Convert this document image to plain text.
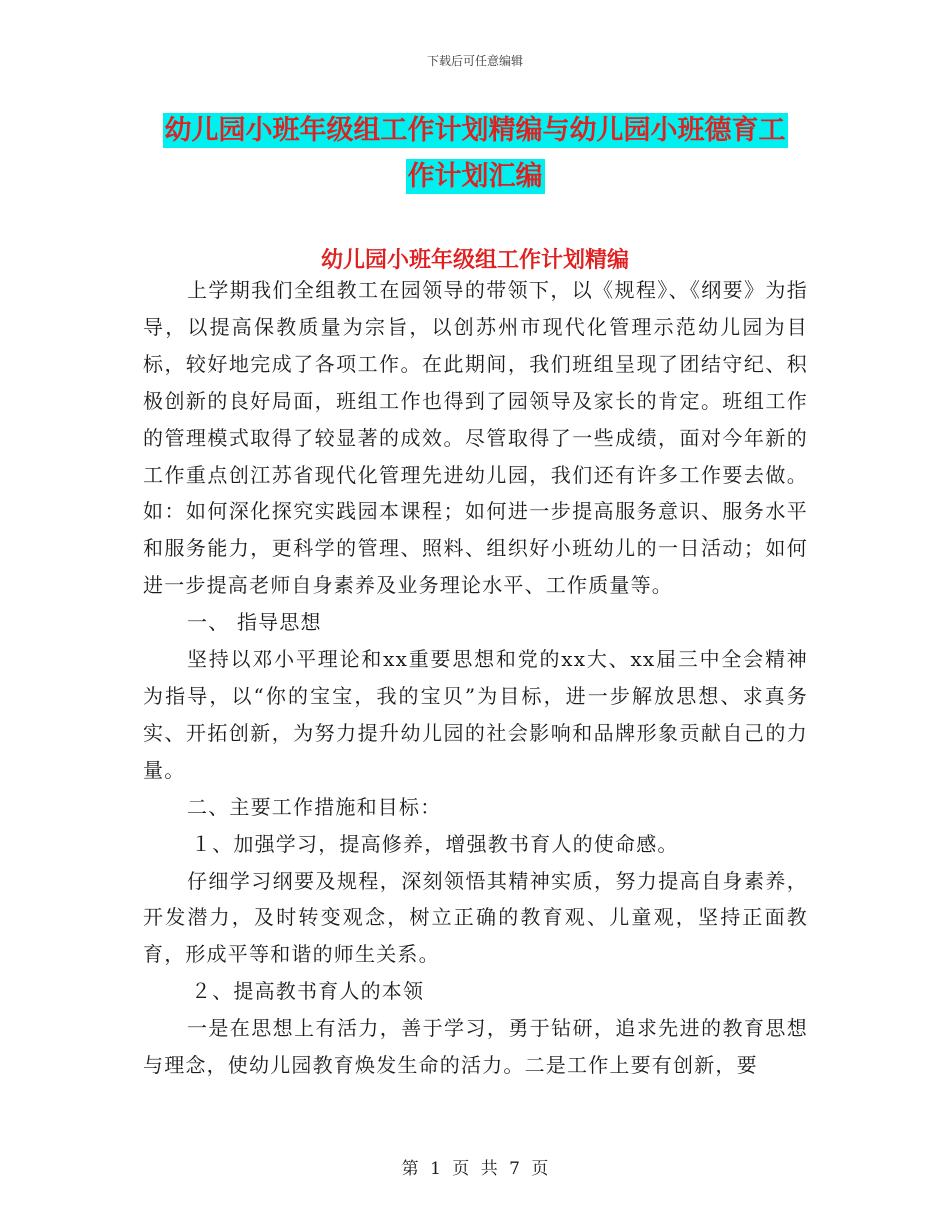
下载后可任意编辑
幼儿园小班年级组工作计划精编与幼儿园小班德育工
作计划汇编
幼儿园小班年级组工作计划精编

上学期我们全组教工在园领导的带领下，以《规程》、《纲要》为指导，以提高保教质量为宗旨，以创苏州市现代化管理示范幼儿园为目标，较好地完成了各项工作。在此期间，我们班组呈现了团结守纪、积极创新的良好局面，班组工作也得到了园领导及家长的肯定。班组工作的管理模式取得了较显著的成效。尽管取得了一些成绩，面对今年新的工作重点创江苏省现代化管理先进幼儿园，我们还有许多工作要去做。如：如何深化探究实践园本课程；如何进一步提高服务意识、服务水平和服务能力，更科学的管理、照料、组织好小班幼儿的一日活动；如何进一步提高老师自身素养及业务理论水平、工作质量等。

一、 指导思想

坚持以邓小平理论和xx重要思想和党的xx大、xx届三中全会精神为指导，以“你的宝宝，我的宝贝”为目标，进一步解放思想、求真务实、开拓创新，为努力提升幼儿园的社会影响和品牌形象贡献自己的力量。

二、主要工作措施和目标：

１、加强学习，提高修养，增强教书育人的使命感。

仔细学习纲要及规程，深刻领悟其精神实质，努力提高自身素养，开发潜力，及时转变观念，树立正确的教育观、儿童观，坚持正面教育，形成平等和谐的师生关系。

２、提高教书育人的本领

一是在思想上有活力，善于学习，勇于钻研，追求先进的教育思想与理念，使幼儿园教育焕发生命的活力。二是工作上要有创新，要

第 1 页 共 7 页
